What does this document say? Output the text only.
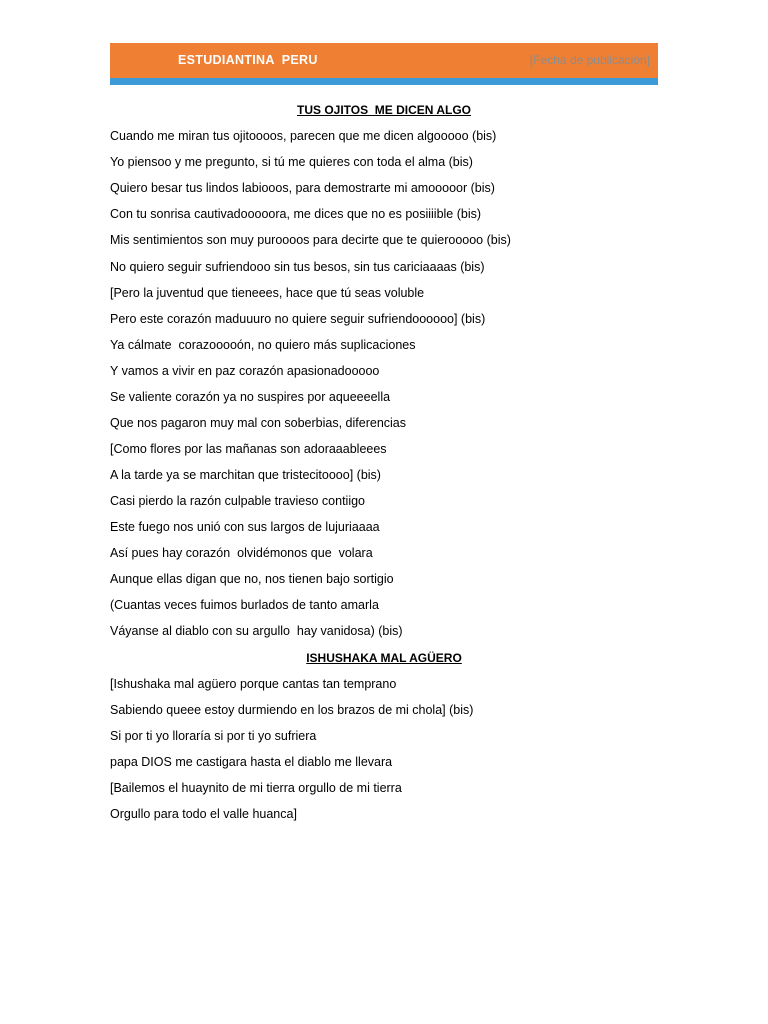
ESTUDIANTINA  PERU	[Fecha de publicación]
TUS OJITOS  ME DICEN ALGO
Cuando me miran tus ojitoooos, parecen que me dicen algooooo (bis)
Yo piensoo y me pregunto, si tú me quieres con toda el alma (bis)
Quiero besar tus lindos labiooos, para demostrarte mi amooooor (bis)
Con tu sonrisa cautivadooooora, me dices que no es posiiiible (bis)
Mis sentimientos son muy puroooos para decirte que te quierooooo (bis)
No quiero seguir sufriendooo sin tus besos, sin tus cariciaaaas (bis)
[Pero la juventud que tieneees, hace que tú seas voluble
Pero este corazón maduuuro no quiere seguir sufriendoooooo] (bis)
Ya cálmate  corazooooón, no quiero más suplicaciones
Y vamos a vivir en paz corazón apasionadooooo
Se valiente corazón ya no suspires por aqueeeella
Que nos pagaron muy mal con soberbias, diferencias
[Como flores por las mañanas son adoraaableees
A la tarde ya se marchitan que tristecitoooo] (bis)
Casi pierdo la razón culpable travieso contiigo
Este fuego nos unió con sus largos de lujuriaaaa
Así pues hay corazón  olvidémonos que  volara
Aunque ellas digan que no, nos tienen bajo sortigio
(Cuantas veces fuimos burlados de tanto amarla
Váyanse al diablo con su argullo  hay vanidosa) (bis)
ISHUSHAKA MAL AGÜERO
[Ishushaka mal agüero porque cantas tan temprano
Sabiendo queee estoy durmiendo en los brazos de mi chola] (bis)
Si por ti yo lloraría si por ti yo sufriera
papa DIOS me castigara hasta el diablo me llevara
[Bailemos el huaynito de mi tierra orgullo de mi tierra
Orgullo para todo el valle huanca]
